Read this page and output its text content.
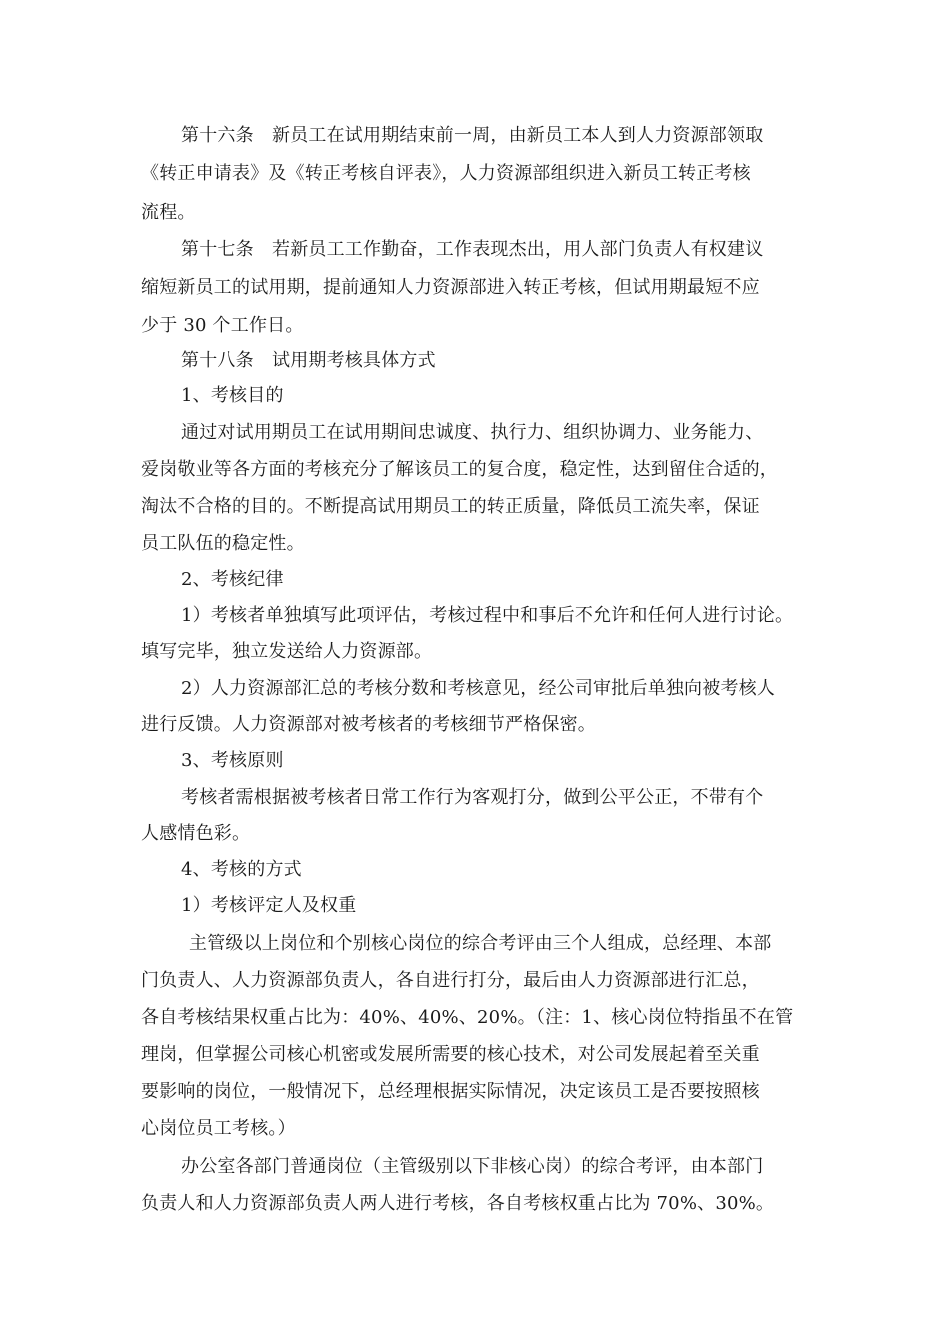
第十六条　新员工在试用期结束前一周，由新员工本人到人力资源部领取
《转正申请表》及《转正考核自评表》，人力资源部组织进入新员工转正考核
流程。
第十七条　若新员工工作勤奋，工作表现杰出，用人部门负责人有权建议
缩短新员工的试用期，提前通知人力资源部进入转正考核，但试用期最短不应
少于 30 个工作日。
第十八条　试用期考核具体方式
1、考核目的
通过对试用期员工在试用期间忠诚度、执行力、组织协调力、业务能力、
爱岗敬业等各方面的考核充分了解该员工的复合度，稳定性，达到留住合适的，
淘汰不合格的目的。不断提高试用期员工的转正质量，降低员工流失率，保证
员工队伍的稳定性。
2、考核纪律
1）考核者单独填写此项评估，考核过程中和事后不允许和任何人进行讨论。
填写完毕，独立发送给人力资源部。
2）人力资源部汇总的考核分数和考核意见，经公司审批后单独向被考核人
进行反馈。人力资源部对被考核者的考核细节严格保密。
3、考核原则
考核者需根据被考核者日常工作行为客观打分，做到公平公正，不带有个
人感情色彩。
4、考核的方式
1）考核评定人及权重
主管级以上岗位和个别核心岗位的综合考评由三个人组成，总经理、本部
门负责人、人力资源部负责人，各自进行打分，最后由人力资源部进行汇总，
各自考核结果权重占比为：40%、40%、20%。（注：1、核心岗位特指虽不在管
理岗，但掌握公司核心机密或发展所需要的核心技术，对公司发展起着至关重
要影响的岗位，一般情况下，总经理根据实际情况，决定该员工是否要按照核
心岗位员工考核。）
办公室各部门普通岗位（主管级别以下非核心岗）的综合考评，由本部门
负责人和人力资源部负责人两人进行考核，各自考核权重占比为 70%、30%。
